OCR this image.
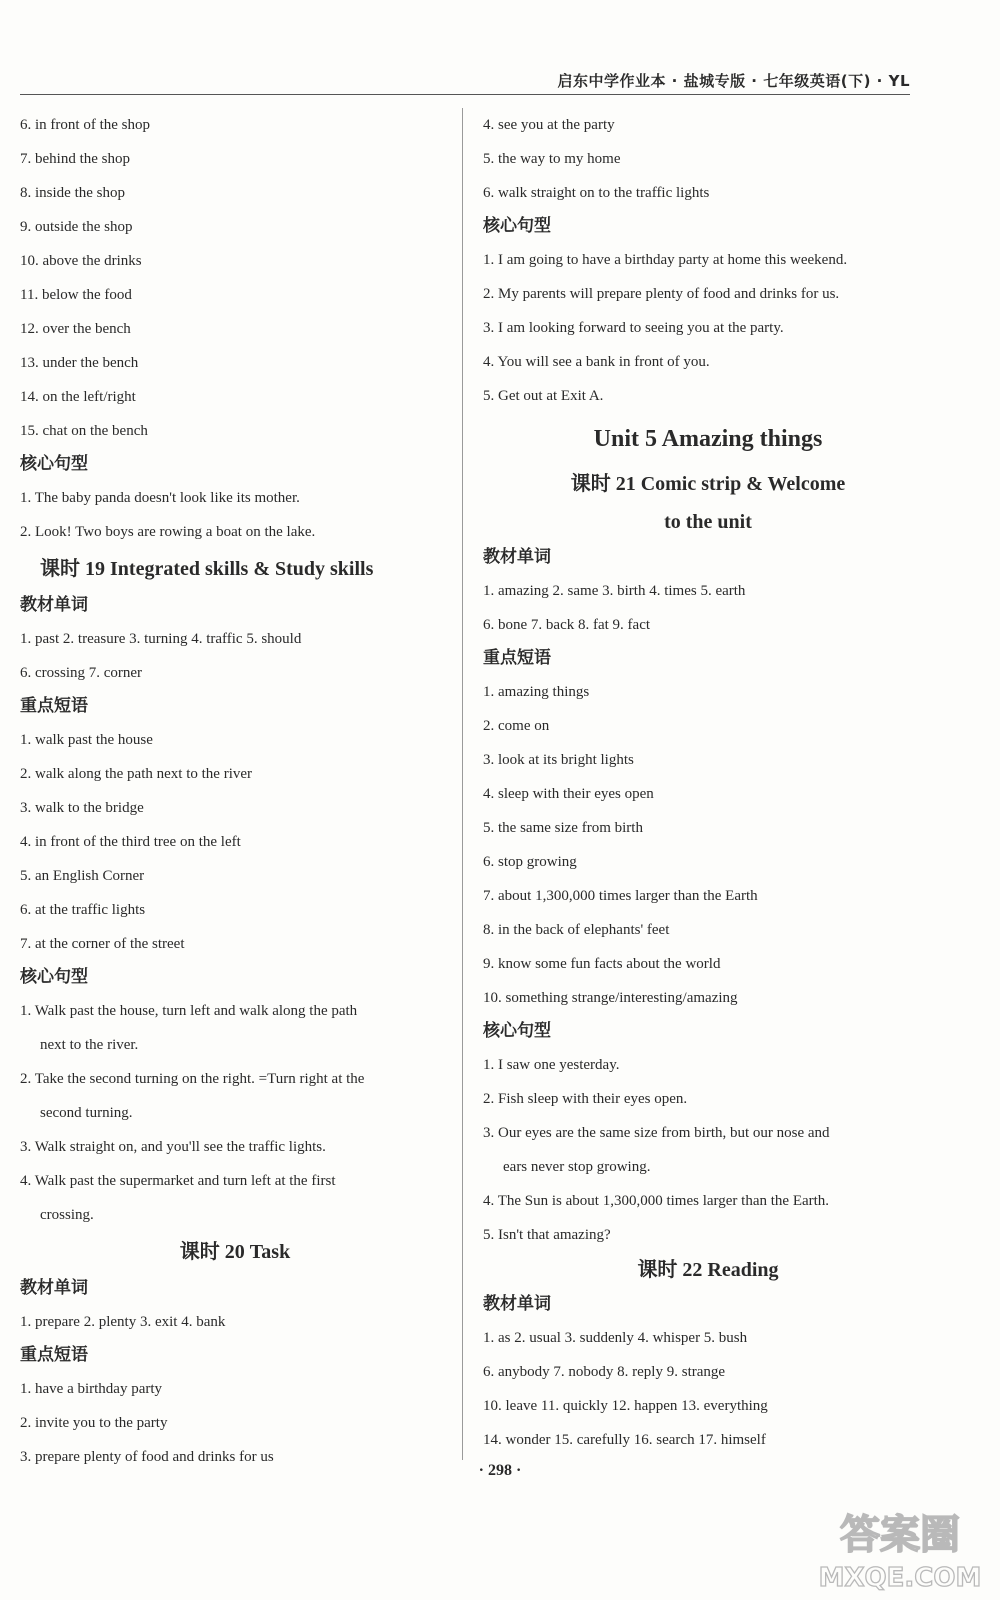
启东中学作业本 · 盐城专版 · 七年级英语(下) · YL
6. in front of the shop
7. behind the shop
8. inside the shop
9. outside the shop
10. above the drinks
11. below the food
12. over the bench
13. under the bench
14. on the left/right
15. chat on the bench
核心句型
1. The baby panda doesn't look like its mother.
2. Look! Two boys are rowing a boat on the lake.
课时 19 Integrated skills & Study skills
教材单词
1. past 2. treasure 3. turning 4. traffic 5. should
6. crossing 7. corner
重点短语
1. walk past the house
2. walk along the path next to the river
3. walk to the bridge
4. in front of the third tree on the left
5. an English Corner
6. at the traffic lights
7. at the corner of the street
核心句型
1. Walk past the house, turn left and walk along the path
next to the river.
2. Take the second turning on the right. =Turn right at the
second turning.
3. Walk straight on, and you'll see the traffic lights.
4. Walk past the supermarket and turn left at the first
crossing.
课时 20 Task
教材单词
1. prepare 2. plenty 3. exit 4. bank
重点短语
1. have a birthday party
2. invite you to the party
3. prepare plenty of food and drinks for us
4. see you at the party
5. the way to my home
6. walk straight on to the traffic lights
核心句型
1. I am going to have a birthday party at home this weekend.
2. My parents will prepare plenty of food and drinks for us.
3. I am looking forward to seeing you at the party.
4. You will see a bank in front of you.
5. Get out at Exit A.
Unit 5 Amazing things
课时 21 Comic strip & Welcome
to the unit
教材单词
1. amazing 2. same 3. birth 4. times 5. earth
6. bone 7. back 8. fat 9. fact
重点短语
1. amazing things
2. come on
3. look at its bright lights
4. sleep with their eyes open
5. the same size from birth
6. stop growing
7. about 1,300,000 times larger than the Earth
8. in the back of elephants' feet
9. know some fun facts about the world
10. something strange/interesting/amazing
核心句型
1. I saw one yesterday.
2. Fish sleep with their eyes open.
3. Our eyes are the same size from birth, but our nose and
ears never stop growing.
4. The Sun is about 1,300,000 times larger than the Earth.
5. Isn't that amazing?
课时 22 Reading
教材单词
1. as 2. usual 3. suddenly 4. whisper 5. bush
6. anybody 7. nobody 8. reply 9. strange
10. leave 11. quickly 12. happen 13. everything
14. wonder 15. carefully 16. search 17. himself
· 298 ·
答案圈
MXQE.COM
